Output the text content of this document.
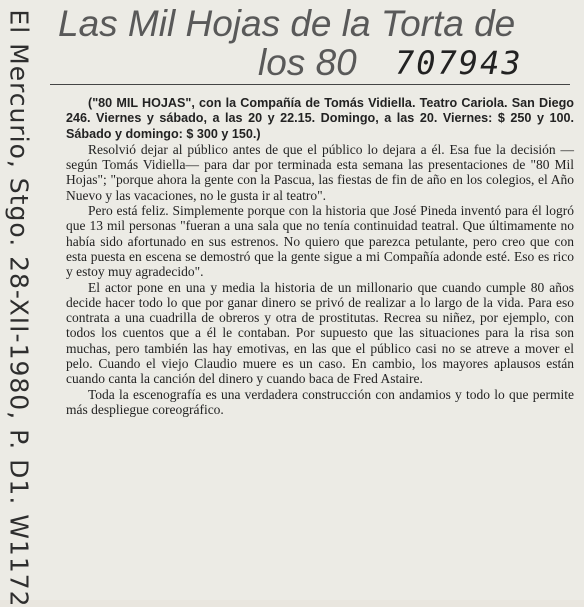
El Mercurio, Stgo. 28-XII-1980, P. D1. W1172 Las Mil Hojas de la Torta de
los 80	707943

("80 MIL HOJAS", con la Compañía de Tomás Vidiella. Teatro Cariola. San Diego 246. Viernes y sábado, a las 20 y 22.15. Domingo, a las 20. Viernes: $ 250 y 100. Sábado y domingo: $ 300 y 150.)

Resolvió dejar al público antes de que el público lo dejara a él. Esa fue la decisión —según Tomás Vidiella— para dar por terminada esta semana las presentaciones de "80 Mil Hojas"; "porque ahora la gente con la Pascua, las fiestas de fin de año en los colegios, el Año Nuevo y las vacaciones, no le gusta ir al teatro".

Pero está feliz. Simplemente porque con la historia que José Pineda inventó para él logró que 13 mil personas "fueran a una sala que no tenía continuidad teatral. Que últimamente no había sido afortunado en sus estrenos. No quiero que parezca petulante, pero creo que con esta puesta en escena se demostró que la gente sigue a mi Compañía adonde esté. Eso es rico y estoy muy agradecido".

El actor pone en una y media la historia de un millonario que cuando cumple 80 años decide hacer todo lo que por ganar dinero se privó de realizar a lo largo de la vida. Para eso contrata a una cuadrilla de obreros y otra de prostitutas. Recrea su niñez, por ejemplo, con todos los cuentos que a él le contaban. Por supuesto que las situaciones para la risa son muchas, pero también las hay emotivas, en las que el público casi no se atreve a mover el pelo. Cuando el viejo Claudio muere es un caso. En cambio, los mayores aplausos están cuando canta la canción del dinero y cuando baca de Fred Astaire.

Toda la escenografía es una verdadera construcción con andamios y todo lo que permite más despliegue coreográfico.
